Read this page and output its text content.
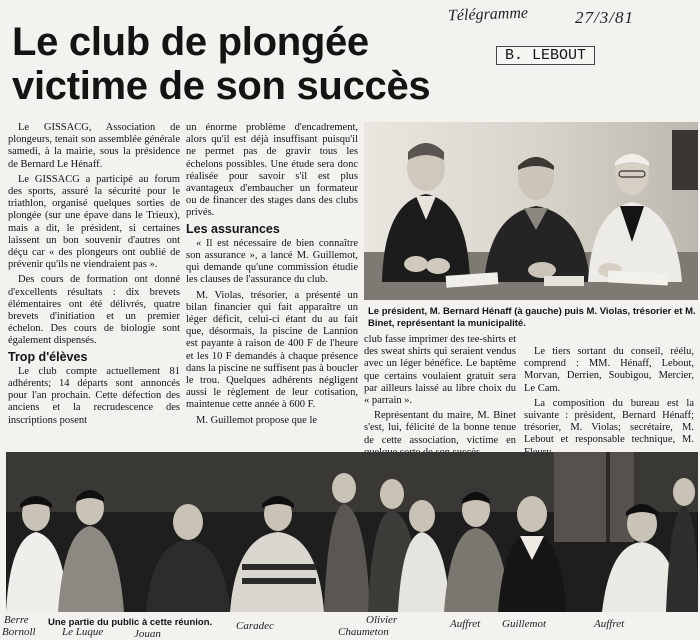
Télégramme	27/3/81
B. LEBOUT
Le club de plongée
victime de son succès
Le président, M. Bernard Hénaff (à gauche) puis M. Violas, trésorier et M. Binet, représentant la municipalité.

Le GISSACG, Association de plongeurs, tenait son assemblée générale samedi, à la mairie, sous la présidence de Bernard Le Hénaff.

Le GISSACG a participé au forum des sports, assuré la sécurité pour le triathlon, organisé quelques sorties de plongée (sur une épave dans le Trieux), mais a dit, le président, si certaines laissent un bon souvenir d'autres ont déçu car « des plongeurs ont oublié de prévenir qu'ils ne viendraient pas ».

Des cours de formation ont donné d'excellents résultats : dix brevets élémentaires ont été délivrés, quatre brevets d'initiation et un premier échelon. Des cours de biologie sont également dispensés.

Trop d'élèves

Le club compte actuellement 81 adhérents; 14 départs sont annoncés pour l'an prochain. Cette défection des anciens et la recrudescence des inscriptions posent

un énorme problème d'encadrement, alors qu'il est déjà insuffisant puisqu'il ne permet pas de gravir tous les échelons possibles. Une étude sera donc réalisée pour savoir s'il est plus avantageux d'embaucher un formateur ou de financer des stages dans des clubs privés.

Les assurances

« Il est nécessaire de bien connaître son assurance », a lancé M. Guillemot, qui demande qu'une commission étudie les clauses de l'assurance du club.

M. Violas, trésorier, a présenté un bilan financier qui fait apparaître un léger déficit, celui-ci étant du au fait que, désormais, la piscine de Lannion est payante à raison de 400 F de l'heure et les 10 F demandés à chaque présence dans la piscine ne suffisent pas à boucler le trou. Quelques adhérents négligent aussi le règlement de leur cotisation, maintenue cette année à 600 F.

M. Guillemot propose que le

club fasse imprimer des tee-shirts et des sweat shirts qui seraient vendus avec un léger bénéfice. Le baptême que certains voulaient gratuit sera par ailleurs laissé au libre choix du « parrain ».

Représentant du maire, M. Binet s'est, lui, félicité de la bonne tenue de cette association, victime en

Le tiers sortant du conseil, réélu, comprend : MM. Hénaff, Lebout, Morvan, Derrien, Soubigou, Mercier, Le Cam.

La composition du bureau est la suivante : président, Bernard Hénaff; trésorier, M. Violas; secrétaire, M. Lebout et responsable technique, M.

Une partie du public à cette réunion.
Berre
Bornoll Le Luque	Jouan
Caradec	Olivier
Chaumeton
Auffret Guillemot	Auffret
